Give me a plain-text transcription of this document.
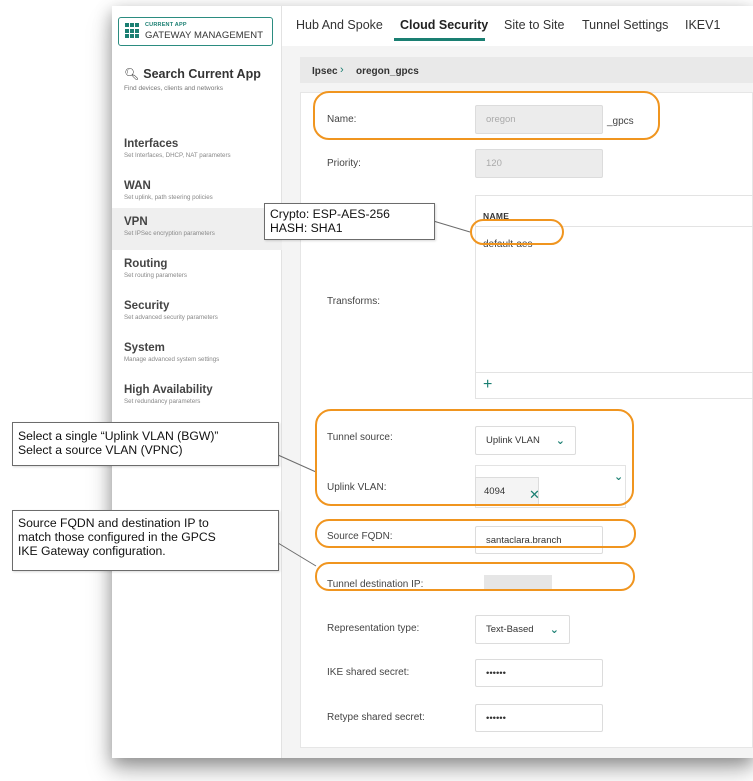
CURRENT APP
GATEWAY MANAGEMENT
🔍︎ Search Current App
Find devices, clients and networks
Interfaces
Set Interfaces, DHCP, NAT parameters
WAN
Set uplink, path steering policies
VPN
Set IPSec encryption parameters
Routing
Set routing parameters
Security
Set advanced security parameters
System
Manage advanced system settings
High Availability
Set redundancy parameters
Hub And Spoke Cloud Security Site to Site Tunnel Settings IKEV1
Ipsec › oregon_gpcs
Name:	oregon	_gpcs
Priority:	120
Transforms:
NAME
default-aes
+
Tunnel source:	Uplink VLAN ⌄
Uplink VLAN:
⌄
4094 ✕
Source FQDN:	santaclara.branch
Tunnel destination IP:
Representation type:	Text-Based ⌄
IKE shared secret:	••••••
Retype shared secret:	••••••
Crypto: ESP-AES-256
HASH: SHA1
Select a single “Uplink VLAN (BGW)”
Select a source VLAN (VPNC)
Source FQDN and destination IP to
match those configured in the GPCS
IKE Gateway configuration.
